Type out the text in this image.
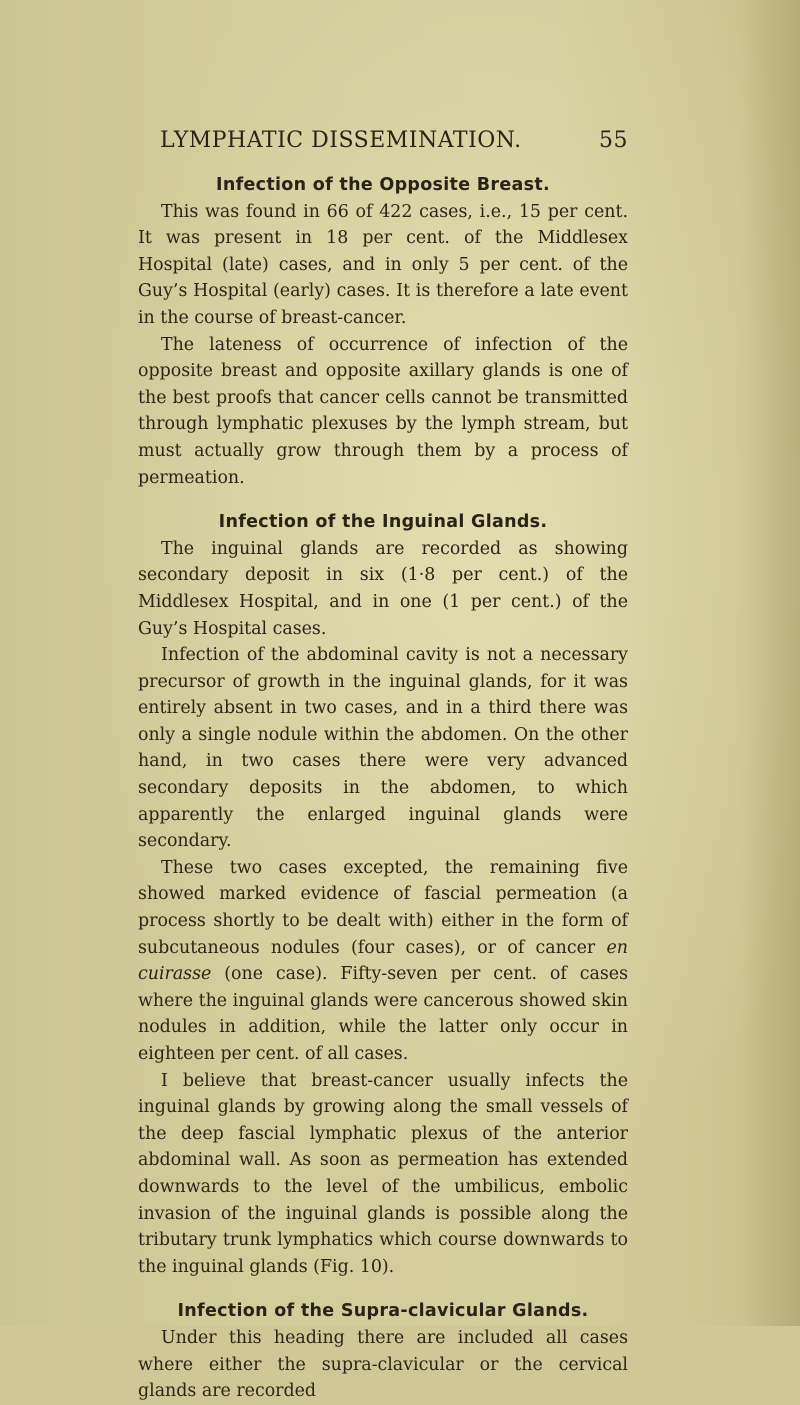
LYMPHATIC DISSEMINATION.	55
Infection of the Opposite Breast.

This was found in 66 of 422 cases, i.e., 15 per cent. It was present in 18 per cent. of the Middlesex Hospital (late) cases, and in only 5 per cent. of the Guy’s Hospital (early) cases. It is therefore a late event in the course of breast-cancer.

The lateness of occurrence of infection of the opposite breast and opposite axillary glands is one of the best proofs that cancer cells cannot be transmitted through lymphatic plexuses by the lymph stream, but must actually grow through them by a process of permeation.

Infection of the Inguinal Glands.

The inguinal glands are recorded as showing secondary deposit in six (1·8 per cent.) of the Middlesex Hospital, and in one (1 per cent.) of the Guy’s Hospital cases.

Infection of the abdominal cavity is not a necessary precursor of growth in the inguinal glands, for it was entirely absent in two cases, and in a third there was only a single nodule within the abdomen. On the other hand, in two cases there were very advanced secondary deposits in the abdomen, to which apparently the enlarged inguinal glands were secondary.

These two cases excepted, the remaining five showed marked evidence of fascial permeation (a process shortly to be dealt with) either in the form of subcutaneous nodules (four cases), or of cancer en cuirasse (one case). Fifty-seven per cent. of cases where the inguinal glands were cancerous showed skin nodules in addition, while the latter only occur in eighteen per cent. of all cases.

I believe that breast-cancer usually infects the inguinal glands by growing along the small vessels of the deep fascial lymphatic plexus of the anterior abdominal wall. As soon as permeation has extended downwards to the level of the umbilicus, embolic invasion of the inguinal glands is possible along the tributary trunk lymphatics which course downwards to the inguinal glands (Fig. 10).

Infection of the Supra-clavicular Glands.

Under this heading there are included all cases where either the supra-clavicular or the cervical glands are recorded
